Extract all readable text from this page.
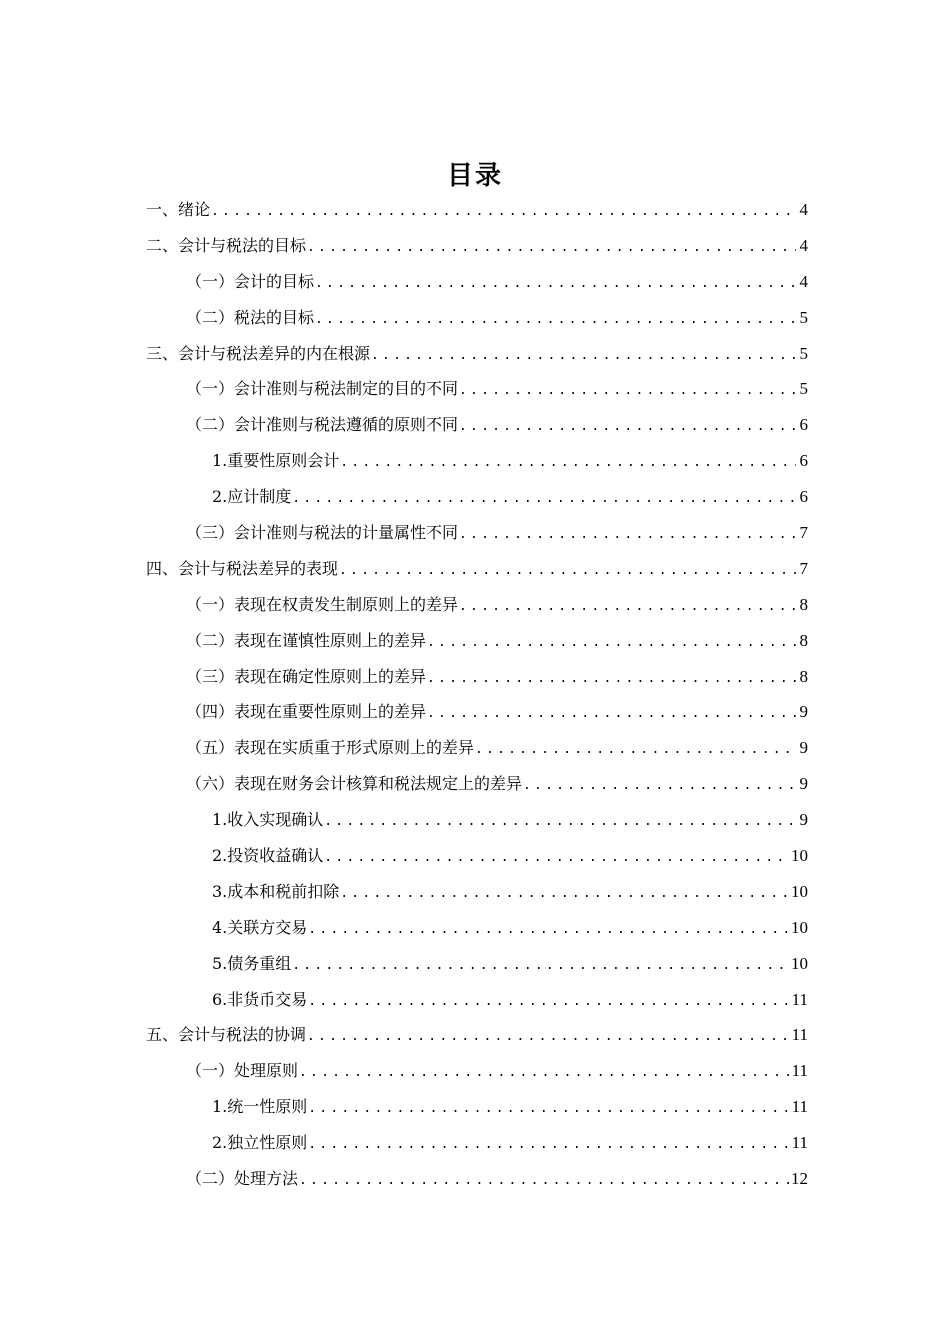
目录
一、绪论 .....	4
二、会计与税法的目标 .....	4
（一）会计的目标 .....	4
（二）税法的目标 .....	5
三、会计与税法差异的内在根源 .....	5
（一）会计准则与税法制定的目的不同 .....	5
（二）会计准则与税法遵循的原则不同 .....	6
1.重要性原则会计 .....	6
2.应计制度 .....	6
（三）会计准则与税法的计量属性不同 .....	7
四、会计与税法差异的表现 .....	7
（一）表现在权责发生制原则上的差异 .....	8
（二）表现在谨慎性原则上的差异 .....	8
（三）表现在确定性原则上的差异 .....	8
（四）表现在重要性原则上的差异 .....	9
（五）表现在实质重于形式原则上的差异 .....	9
（六）表现在财务会计核算和税法规定上的差异 .....	9
1.收入实现确认 .....	9
2.投资收益确认 .....	10
3.成本和税前扣除 .....	10
4.关联方交易 .....	10
5.债务重组 .....	10
6.非货币交易 .....	11
五、会计与税法的协调 .....	11
（一）处理原则 .....	11
1.统一性原则 .....	11
2.独立性原则 .....	11
（二）处理方法 .....	12
